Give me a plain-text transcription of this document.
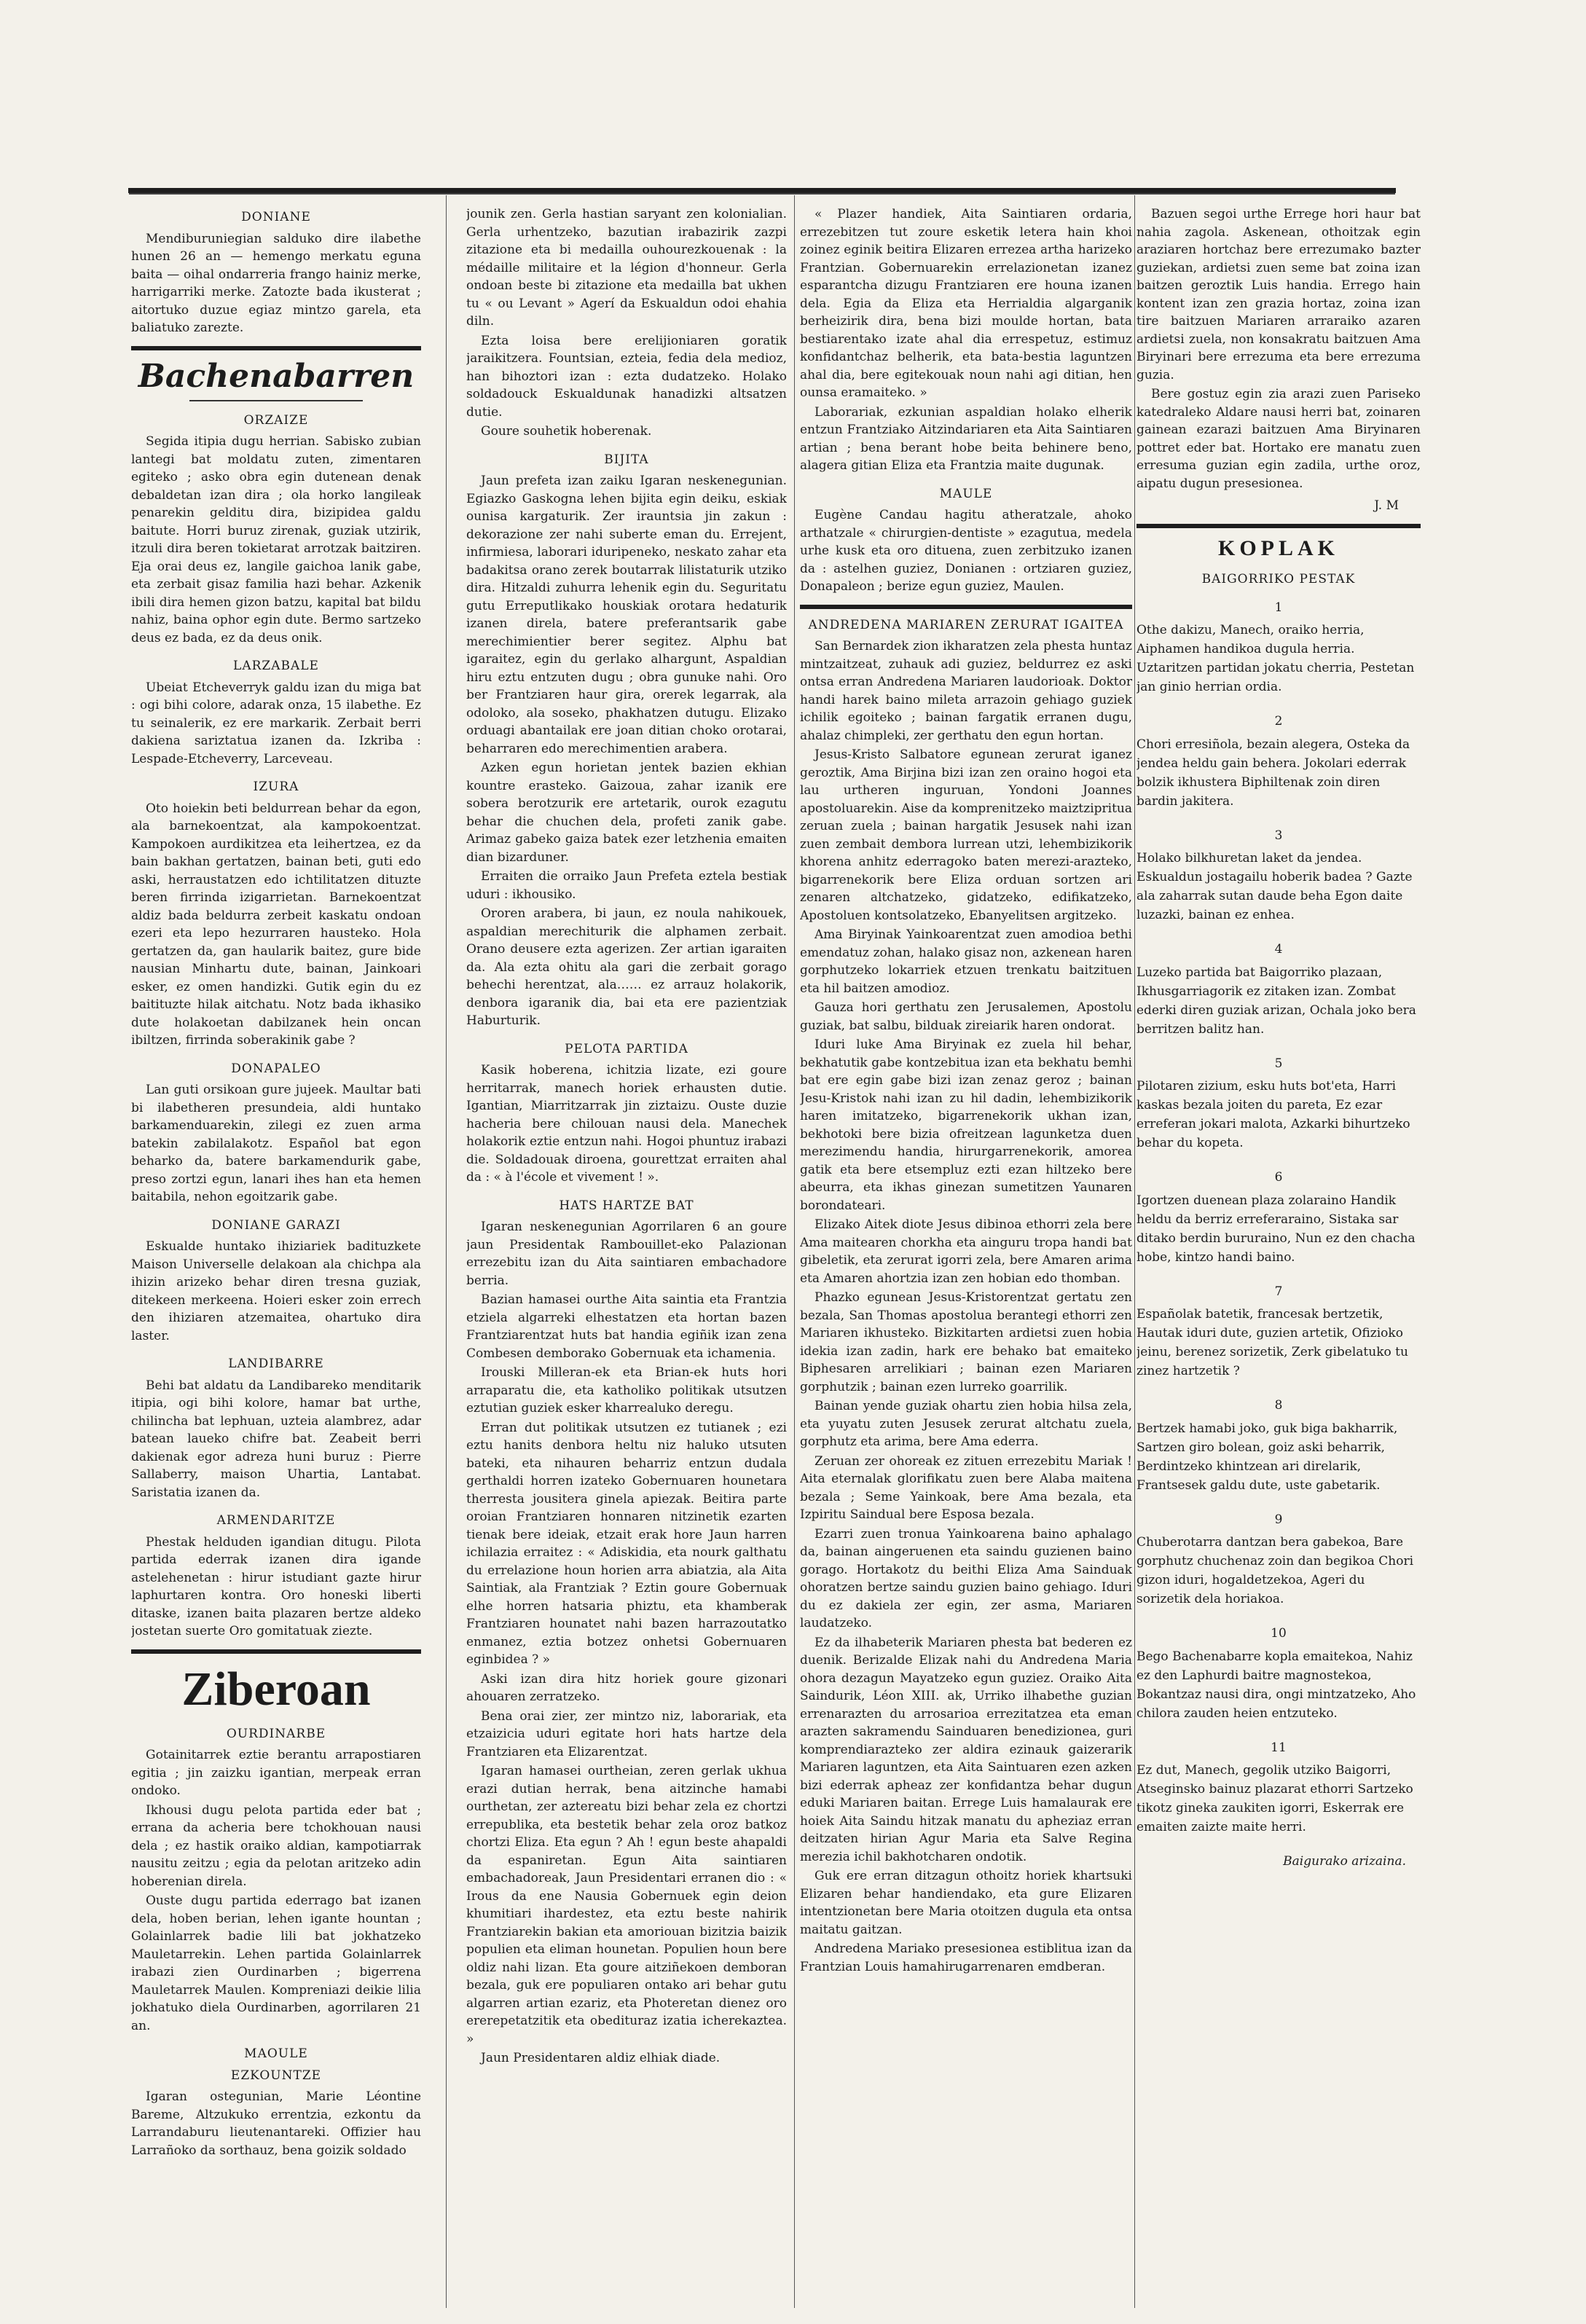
DONIANE

Mendiburuniegian salduko dire ilabethe hunen 26 an — hemengo merkatu eguna baita — oihal ondarreria frango hainiz merke, harrigarriki merke. Zatozte bada ikusterat ; aitortuko duzue egiaz mintzo garela, eta baliatuko zarezte.

Bachenabarren
ORZAIZE

Segida itipia dugu herrian. Sabisko zubian lantegi bat moldatu zuten, zimentaren egiteko ; asko obra egin dutenean denak debaldetan izan dira ; ola horko langileak penarekin gelditu dira, bizipidea galdu baitute. Horri buruz zirenak, guziak utzirik, itzuli dira beren tokietarat arrotzak baitziren. Eja orai deus ez, langile gaichoa lanik gabe, eta zerbait gisaz familia hazi behar. Azkenik ibili dira hemen gizon batzu, kapital bat bildu nahiz, baina ophor egin dute. Bermo sartzeko deus ez bada, ez da deus onik.

LARZABALE

Ubeiat Etcheverryk galdu izan du miga bat : ogi bihi colore, adarak onza, 15 ilabethe. Ez tu seinalerik, ez ere markarik. Zerbait berri dakiena sariztatua izanen da. Izkriba : Lespade-Etcheverry, Larceveau.

IZURA

Oto hoiekin beti beldurrean behar da egon, ala barnekoentzat, ala kampokoentzat. Kampokoen aurdikitzea eta leihertzea, ez da bain bakhan gertatzen, bainan beti, guti edo aski, herraustatzen edo ichtilitatzen dituzte beren firrinda izigarrietan. Barnekoentzat aldiz bada beldurra zerbeit kaskatu ondoan ezeri eta lepo hezurraren hausteko. Hola gertatzen da, gan haularik baitez, gure bide nausian Minhartu dute, bainan, Jainkoari esker, ez omen handizki. Gutik egin du ez baitituzte hilak aitchatu. Notz bada ikhasiko dute holakoetan dabilzanek hein oncan ibiltzen, firrinda soberakinik gabe ?

DONAPALEO

Lan guti orsikoan gure jujeek. Maultar bati bi ilabetheren presundeia, aldi huntako barkamenduarekin, zilegi ez zuen arma batekin zabilalakotz. Español bat egon beharko da, batere barkamendurik gabe, preso zortzi egun, lanari ihes han eta hemen baitabila, nehon egoitzarik gabe.

DONIANE GARAZI

Eskualde huntako ihiziariek badituzkete Maison Universelle delakoan ala chichpa ala ihizin arizeko behar diren tresna guziak, ditekeen merkeena. Hoieri esker zoin errech den ihiziaren atzemaitea, ohartuko dira laster.

LANDIBARRE

Behi bat aldatu da Landibareko menditarik itipia, ogi bihi kolore, hamar bat urthe, chilincha bat lephuan, uzteia alambrez, adar batean laueko chifre bat. Zeabeit berri dakienak egor adreza huni buruz : Pierre Sallaberry, maison Uhartia, Lantabat. Saristatia izanen da.

ARMENDARITZE

Phestak helduden igandian ditugu. Pilota partida ederrak izanen dira igande astelehenetan : hirur istudiant gazte hirur laphurtaren kontra. Oro honeski liberti ditaske, izanen baita plazaren bertze aldeko jostetan suerte Oro gomitatuak ziezte.

Ziberoan
OURDINARBE

Gotainitarrek eztie berantu arrapostiaren egitia ; jin zaizku igantian, merpeak erran ondoko.

Ikhousi dugu pelota partida eder bat ; errana da acheria bere tchokhouan nausi dela ; ez hastik oraiko aldian, kampotiarrak nausitu zeitzu ; egia da pelotan aritzeko adin hoberenian direla.

Ouste dugu partida ederrago bat izanen dela, hoben berian, lehen igante hountan ; Golainlarrek badie lili bat jokhatzeko Mauletarrekin. Lehen partida Golainlarrek irabazi zien Ourdinarben ; bigerrena Mauletarrek Maulen. Kompreniazi deikie lilia jokhatuko diela Ourdinarben, agorrilaren 21 an.

MAOULE
EZKOUNTZE

Igaran ostegunian, Marie Léontine Bareme, Altzukuko errentzia, ezkontu da Larrandaburu lieutenantareki. Offizier hau Larrañoko da sorthauz, bena goizik soldado

jounik zen. Gerla hastian saryant zen kolonialian. Gerla urhentzeko, bazutian irabazirik zazpi zitazione eta bi medailla ouhourezkouenak : la médaille militaire et la légion d'honneur. Gerla ondoan beste bi zitazione eta medailla bat ukhen tu « ou Levant » Agerí da Eskualdun odoi ehahia diln.

Ezta loisa bere erelijioniaren goratik jaraikitzera. Fountsian, ezteia, fedia dela medioz, han bihoztori izan : ezta dudatzeko. Holako soldadouck Eskualdunak hanadizki altsatzen dutie.

Goure souhetik hoberenak.

BIJITA

Jaun prefeta izan zaiku Igaran neskenegunian. Egiazko Gaskogna lehen bijita egin deiku, eskiak ounisa kargaturik. Zer irauntsia jin zakun : dekorazione zer nahi suberte eman du. Errejent, infirmiesa, laborari iduripeneko, neskato zahar eta badakitsa orano zerek boutarrak lilistaturik utziko dira. Hitzaldi zuhurra lehenik egin du. Seguritatu gutu Erreputlikako houskiak orotara hedaturik izanen direla, batere preferantsarik gabe merechimientier berer segitez. Alphu bat igaraitez, egin du gerlako alhargunt, Aspaldian hiru eztu entzuten dugu ; obra gunuke nahi. Oro ber Frantziaren haur gira, orerek legarrak, ala odoloko, ala soseko, phakhatzen dutugu. Elizako orduagi abantailak ere joan ditian choko orotarai, beharraren edo merechimentien arabera.

Azken egun horietan jentek bazien ekhian kountre erasteko. Gaizoua, zahar izanik ere sobera berotzurik ere artetarik, ourok ezagutu behar die chuchen dela, profeti zanik gabe. Arimaz gabeko gaiza batek ezer letzhenia emaiten dian bizarduner.

Erraiten die orraiko Jaun Prefeta eztela bestiak uduri : ikhousiko.

Ororen arabera, bi jaun, ez noula nahikouek, aspaldian merechiturik die alphamen zerbait. Orano deusere ezta agerizen. Zer artian igaraiten da. Ala ezta ohitu ala gari die zerbait gorago behechi herentzat, ala…… ez arrauz holakorik, denbora igaranik dia, bai eta ere pazientziak Haburturik.

PELOTA PARTIDA

Kasik hoberena, ichitzia lizate, ezi goure herritarrak, manech horiek erhausten dutie. Igantian, Miarritzarrak jin ziztaizu. Ouste duzie hacheria bere chilouan nausi dela. Manechek holakorik eztie entzun nahi. Hogoi phuntuz irabazi die. Soldadouak diroena, gourettzat erraiten ahal da : « à l'école et vivement ! ».

HATS HARTZE BAT

Igaran neskenegunian Agorrilaren 6 an goure jaun Presidentak Rambouillet-eko Palazionan errezebitu izan du Aita saintiaren embachadore berria.

Bazian hamasei ourthe Aita saintia eta Frantzia etziela algarreki elhestatzen eta hortan bazen Frantziarentzat huts bat handia egiñik izan zena Combesen demborako Gobernuak eta ichamenia.

Irouski Milleran-ek eta Brian-ek huts hori arraparatu die, eta katholiko politikak utsutzen eztutian guziek esker kharrealuko deregu.

Erran dut politikak utsutzen ez tutianek ; ezi eztu hanits denbora heltu niz haluko utsuten bateki, eta nihauren beharriz entzun dudala gerthaldi horren izateko Gobernuaren hounetara therresta jousitera ginela apiezak. Beitira parte oroian Frantziaren honnaren nitzinetik ezarten tienak bere ideiak, etzait erak hore Jaun harren ichilazia erraitez : « Adiskidia, eta nourk galthatu du errelazione houn horien arra abiatzia, ala Aita Saintiak, ala Frantziak ? Eztin goure Gobernuak elhe horren hatsaria phiztu, eta khamberak Frantziaren hounatet nahi bazen harrazoutatko enmanez, eztia botzez onhetsi Gobernuaren eginbidea ? »

Aski izan dira hitz horiek goure gizonari ahouaren zerratzeko.

Bena orai zier, zer mintzo niz, laborariak, eta etzaizicia uduri egitate hori hats hartze dela Frantziaren eta Elizarentzat.

Igaran hamasei ourtheian, zeren gerlak ukhua erazi dutian herrak, bena aitzinche hamabi ourthetan, zer aztereatu bizi behar zela ez chortzi errepublika, eta bestetik behar zela oroz batkoz chortzi Eliza. Eta egun ? Ah ! egun beste ahapaldi da espaniretan. Egun Aita saintiaren embachadoreak, Jaun Presidentari erranen dio : « Irous da ene Nausia Gobernuek egin deion khumitiari ihardestez, eta eztu beste nahirik Frantziarekin bakian eta amoriouan bizitzia baizik populien eta eliman hounetan. Populien houn bere oldiz nahi lizan. Eta goure aitziñekoen demboran bezala, guk ere populiaren ontako ari behar gutu algarren artian ezariz, eta Photeretan dienez oro ererepetatzitik eta obedituraz izatia icherekaztea. »

Jaun Presidentaren aldiz elhiak diade.

« Plazer handiek, Aita Saintiaren ordaria, errezebitzen tut zoure esketik letera hain khoi zoinez eginik beitira Elizaren errezea artha harizeko Frantzian. Gobernuarekin errelazionetan izanez esparantcha dizugu Frantziaren ere houna izanen dela. Egia da Eliza eta Herrialdia algarganik berheizirik dira, bena bizi moulde hortan, bata bestiarentako izate ahal dia errespetuz, estimuz konfidantchaz belherik, eta bata-bestia laguntzen ahal dia, bere egitekouak noun nahi agi ditian, hen ounsa eramaiteko. »

Laborariak, ezkunian aspaldian holako elherik entzun Frantziako Aitzindariaren eta Aita Saintiaren artian ; bena berant hobe beita behinere beno, alagera gitian Eliza eta Frantzia maite dugunak.

MAULE

Eugène Candau hagitu atheratzale, ahoko arthatzale « chirurgien-dentiste » ezagutua, medela urhe kusk eta oro dituena, zuen zerbitzuko izanen da : astelhen guziez, Donianen : ortziaren guziez, Donapaleon ; berize egun guziez, Maulen.

ANDREDENA MARIAREN ZERURAT IGAITEA

San Bernardek zion ikharatzen zela phesta huntaz mintzaitzeat, zuhauk adi guziez, beldurrez ez aski ontsa erran Andredena Mariaren laudorioak. Doktor handi harek baino mileta arrazoin gehiago guziek ichilik egoiteko ; bainan fargatik erranen dugu, ahalaz chimpleki, zer gerthatu den egun hortan.

Jesus-Kristo Salbatore egunean zerurat iganez geroztik, Ama Birjina bizi izan zen oraino hogoi eta lau urtheren inguruan, Yondoni Joannes apostoluarekin. Aise da komprenitzeko maiztzipritua zeruan zuela ; bainan hargatik Jesusek nahi izan zuen zembait dembora lurrean utzi, lehembizikorik khorena anhitz ederragoko baten merezi-arazteko, bigarrenekorik bere Eliza orduan sortzen ari zenaren altchatzeko, gidatzeko, edifikatzeko, Apostoluen kontsolatzeko, Ebanyelitsen argitzeko.

Ama Biryinak Yainkoarentzat zuen amodioa bethi emendatuz zohan, halako gisaz non, azkenean haren gorphutzeko lokarriek etzuen trenkatu baitzituen eta hil baitzen amodioz.

Gauza hori gerthatu zen Jerusalemen, Apostolu guziak, bat salbu, bilduak zireiarik haren ondorat.

Iduri luke Ama Biryinak ez zuela hil behar, bekhatutik gabe kontzebitua izan eta bekhatu bemhi bat ere egin gabe bizi izan zenaz geroz ; bainan Jesu-Kristok nahi izan zu hil dadin, lehembizikorik haren imitatzeko, bigarrenekorik ukhan izan, bekhotoki bere bizia ofreitzean lagunketza duen merezimendu handia, hirurgarrenekorik, amorea gatik eta bere etsempluz ezti ezan hiltzeko bere abeurra, eta ikhas ginezan sumetitzen Yaunaren borondateari.

Elizako Aitek diote Jesus dibinoa ethorri zela bere Ama maitearen chorkha eta ainguru tropa handi bat gibeletik, eta zerurat igorri zela, bere Amaren arima eta Amaren ahortzia izan zen hobian edo thomban.

Phazko egunean Jesus-Kristorentzat gertatu zen bezala, San Thomas apostolua berantegi ethorri zen Mariaren ikhusteko. Bizkitarten ardietsi zuen hobia idekia izan zadin, hark ere behako bat emaiteko Biphesaren arrelikiari ; bainan ezen Mariaren gorphutzik ; bainan ezen lurreko goarrilik.

Bainan yende guziak ohartu zien hobia hilsa zela, eta yuyatu zuten Jesusek zerurat altchatu zuela, gorphutz eta arima, bere Ama ederra.

Zeruan zer ohoreak ez zituen errezebitu Mariak ! Aita eternalak glorifikatu zuen bere Alaba maitena bezala ; Seme Yainkoak, bere Ama bezala, eta Izpiritu Saindual bere Esposa bezala.

Ezarri zuen tronua Yainkoarena baino aphalago da, bainan aingeruenen eta saindu guzienen baino gorago. Hortakotz du beithi Eliza Ama Sainduak ohoratzen bertze saindu guzien baino gehiago. Iduri du ez dakiela zer egin, zer asma, Mariaren laudatzeko.

Ez da ilhabeterik Mariaren phesta bat bederen ez duenik. Berizalde Elizak nahi du Andredena Maria ohora dezagun Mayatzeko egun guziez. Oraiko Aita Saindurik, Léon XIII. ak, Urriko ilhabethe guzian errenarazten du arrosarioa errezitatzea eta eman arazten sakramendu Sainduaren benedizionea, guri komprendiarazteko zer aldira ezinauk gaizerarik Mariaren laguntzen, eta Aita Saintuaren ezen azken bizi ederrak apheaz zer konfidantza behar dugun eduki Mariaren baitan. Errege Luis hamalaurak ere hoiek Aita Saindu hitzak manatu du apheziaz erran deitzaten hirian Agur Maria eta Salve Regina merezia ichil bakhotcharen ondotik.

Guk ere erran ditzagun othoitz horiek khartsuki Elizaren behar handiendako, eta gure Elizaren intentzionetan bere Maria otoitzen dugula eta ontsa maitatu gaitzan.

Andredena Mariako presesionea estiblitua izan da Frantzian Louis hamahirugarrenaren emdberan.

Bazuen segoi urthe Errege hori haur bat nahia zagola. Askenean, othoitzak egin araziaren hortchaz bere errezumako bazter guziekan, ardietsi zuen seme bat zoina izan baitzen geroztik Luis handia. Errego hain kontent izan zen grazia hortaz, zoina izan tire baitzuen Mariaren arraraiko azaren ardietsi zuela, non konsakratu baitzuen Ama Biryinari bere errezuma eta bere errezuma guzia.

Bere gostuz egin zia arazi zuen Pariseko katedraleko Aldare nausi herri bat, zoinaren gainean ezarazi baitzuen Ama Biryinaren pottret eder bat. Hortako ere manatu zuen erresuma guzian egin zadila, urthe oroz, aipatu dugun presesionea.

J. M
KOPLAK
BAIGORRIKO PESTAK
1

Othe dakizu, Manech, oraiko herria, Aiphamen handikoa dugula herria. Uztaritzen partidan jokatu cherria, Pestetan jan ginio herrian ordia.

2

Chori erresiñola, bezain alegera, Osteka da jendea heldu gain behera. Jokolari ederrak bolzik ikhustera Biphiltenak zoin diren bardin jakitera.

3

Holako bilkhuretan laket da jendea. Eskualdun jostagailu hoberik badea ? Gazte ala zaharrak sutan daude beha Egon daite luzazki, bainan ez enhea.

4

Luzeko partida bat Baigorriko plazaan, Ikhusgarriagorik ez zitaken izan. Zombat ederki diren guziak arizan, Ochala joko bera berritzen balitz han.

5

Pilotaren zizium, esku huts bot'eta, Harri kaskas bezala joiten du pareta, Ez ezar erreferan jokari malota, Azkarki bihurtzeko behar du kopeta.

6

Igortzen duenean plaza zolaraino Handik heldu da berriz erreferaraino, Sistaka sar ditako berdin bururaino, Nun ez den chacha hobe, kintzo handi baino.

7

Españolak batetik, francesak bertzetik, Hautak iduri dute, guzien artetik, Ofizioko jeinu, berenez sorizetik, Zerk gibelatuko tu zinez hartzetik ?

8

Bertzek hamabi joko, guk biga bakharrik, Sartzen giro bolean, goiz aski beharrik, Berdintzeko khintzean ari direlarik, Frantsesek galdu dute, uste gabetarik.

9

Chuberotarra dantzan bera gabekoa, Bare gorphutz chuchenaz zoin dan begikoa Chori gizon iduri, hogaldetzekoa, Ageri du sorizetik dela horiakoa.

10

Bego Bachenabarre kopla emaitekoa, Nahiz ez den Laphurdi baitre magnostekoa, Bokantzaz nausi dira, ongi mintzatzeko, Aho chilora zauden heien entzuteko.

11

Ez dut, Manech, gegolik utziko Baigorri, Atseginsko bainuz plazarat ethorri Sartzeko tikotz gineka zaukiten igorri, Eskerrak ere emaiten zaizte maite herri.

Baigurako arizaina.
